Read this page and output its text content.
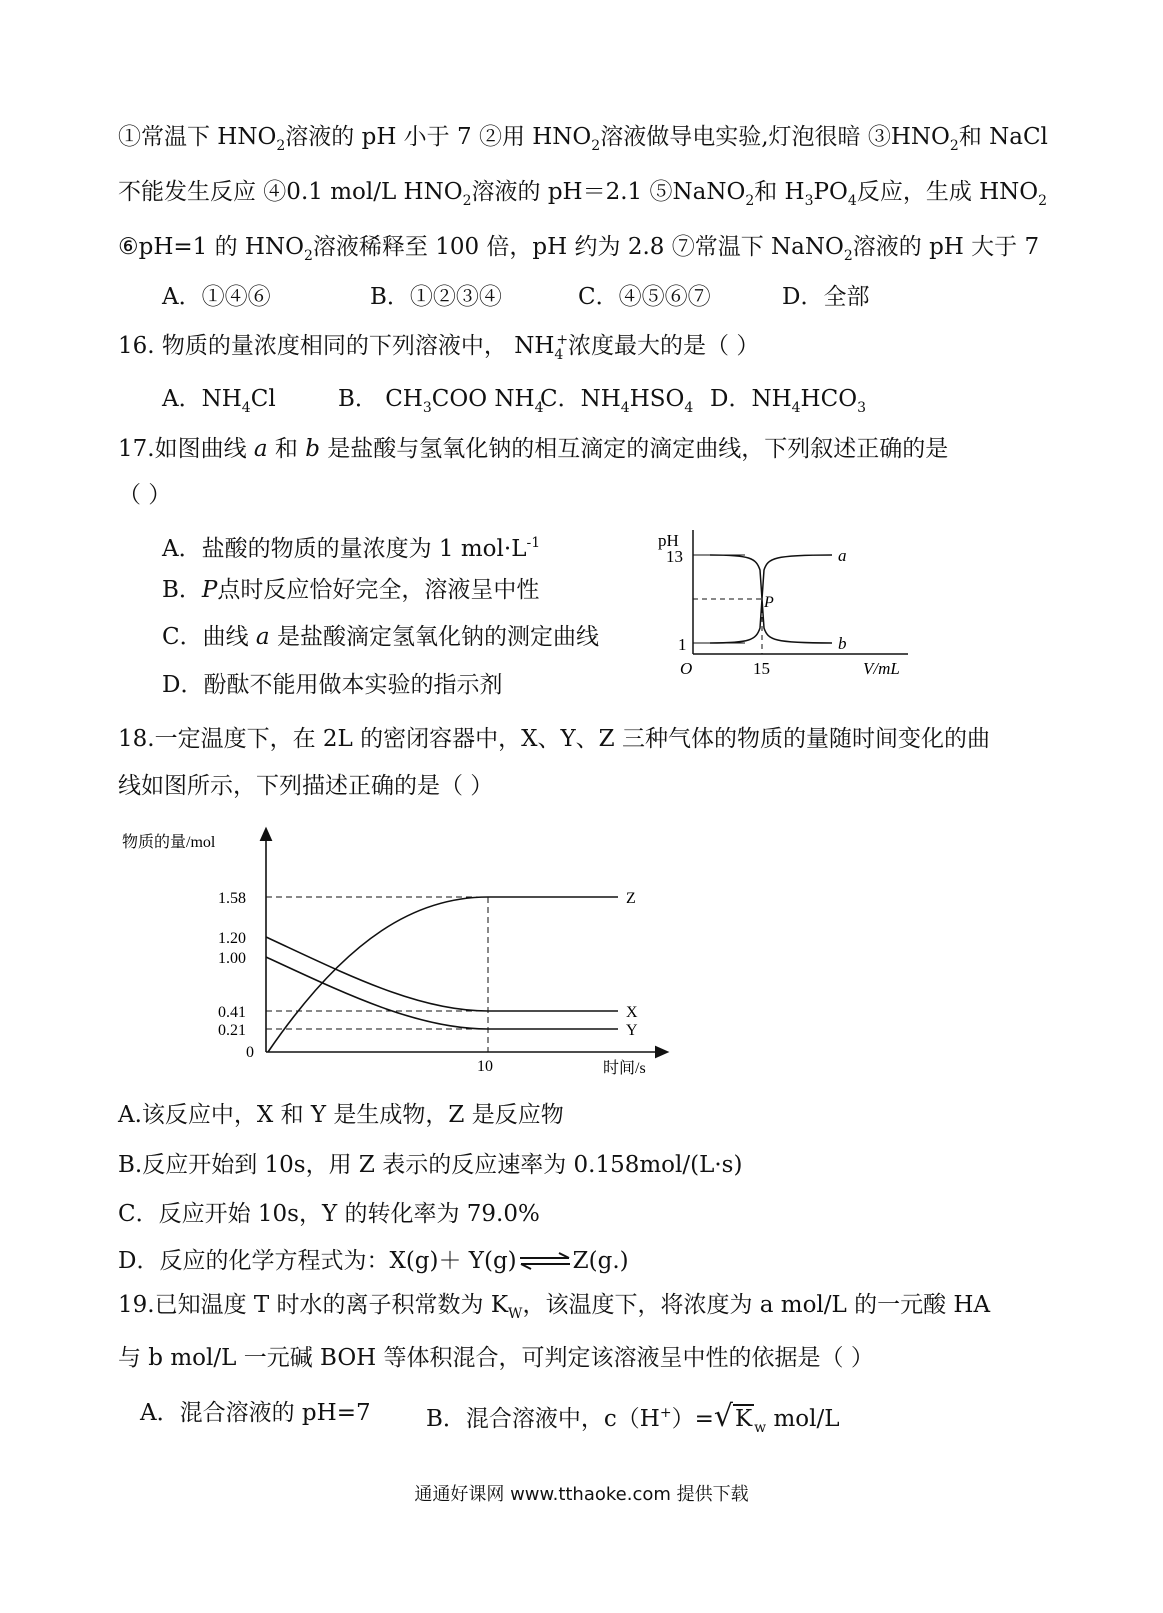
①常温下 $HNO_2$溶液的 pH 小于 7 ②用 $HNO_2$溶液做导电实验,灯泡很暗 $③HNO_2$和 NaCl
不能发生反应 ④0.1 mol/L $HNO_2$溶液的 pH＝2.1 ⑤NaNO$_2$和 $H_3PO_4$反应，生成 $HNO_2$
⑥pH=1 的 $HNO_2$溶液稀释至 100 倍，pH 约为 2.8 ⑦常温下 NaNO$_2$溶液的 pH 大于 7
A．①④⑥	B．①②③④	C．④⑤⑥⑦	D．全部
16. 物质的量浓度相同的下列溶液中， $NH_4^+$浓度最大的是（ ）
A．$NH_4Cl$	B． $CH_3COO$ $NH_4$
C．$NH_4HSO_4$ D．$NH_4HCO_3$
17.如图曲线 a 和 b 是盐酸与氢氧化钠的相互滴定的滴定曲线，下列叙述正确的是
（ ）
A．盐酸的物质的量浓度为 1 $mol\cdot L^{-1}$
B．P点时反应恰好完全，溶液呈中性
C．曲线 a 是盐酸滴定氢氧化钠的测定曲线
D．酚酞不能用做本实验的指示剂
pH
13
1
O	15	V/mL
P
a
b
18.一定温度下，在 2L 的密闭容器中，X、Y、Z 三种气体的物质的量随时间变化的曲
线如图所示，下列描述正确的是（ ）
物质的量/mol
1.58
1.20
1.00
0.41
0.21
0
10	时间/s
Z
X
Y
A.该反应中，X 和 Y 是生成物，Z 是反应物
B.反应开始到 10s，用 Z 表示的反应速率为 0.158mol/(L·s)
C．反应开始 10s，Y 的转化率为 79.0%
D．反应的化学方程式为：X(g)＋ Y(g)⇌Z(g.)
19.已知温度 T 时水的离子积常数为 $K_W$，该温度下，将浓度为 a mol/L 的一元酸 HA
与 b mol/L 一元碱 BOH 等体积混合，可判定该溶液呈中性的依据是（ ）
A．混合溶液的 pH=7 B．混合溶液中，c（H+）=√K $_w$ mol/L
通通好课网 www.tthaoke.com 提供下载
